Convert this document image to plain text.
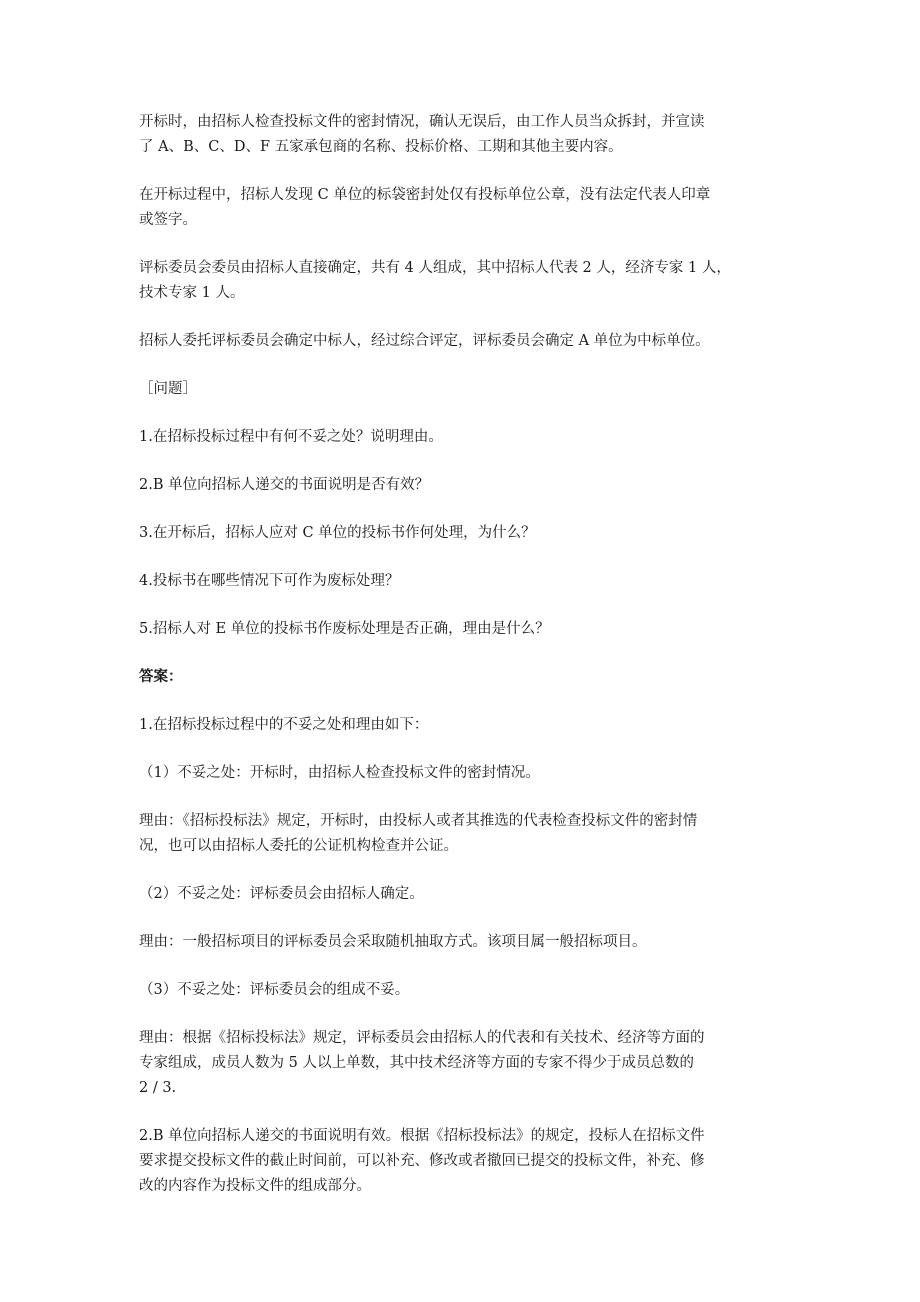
开标时，由招标人检查投标文件的密封情况，确认无误后，由工作人员当众拆封，并宣读
了 A、B、C、D、F 五家承包商的名称、投标价格、工期和其他主要内容。

在开标过程中，招标人发现 C 单位的标袋密封处仅有投标单位公章，没有法定代表人印章
或签字。

评标委员会委员由招标人直接确定，共有 4 人组成，其中招标人代表 2 人，经济专家 1 人，
技术专家 1 人。

招标人委托评标委员会确定中标人，经过综合评定，评标委员会确定 A 单位为中标单位。

［问题］

1.在招标投标过程中有何不妥之处？说明理由。

2.B 单位向招标人递交的书面说明是否有效？

3.在开标后，招标人应对 C 单位的投标书作何处理，为什么？

4.投标书在哪些情况下可作为废标处理？

5.招标人对 E 单位的投标书作废标处理是否正确，理由是什么？

答案：

1.在招标投标过程中的不妥之处和理由如下：

（1）不妥之处：开标时，由招标人检查投标文件的密封情况。

理由：《招标投标法》规定，开标时，由投标人或者其推选的代表检查投标文件的密封情
况，也可以由招标人委托的公证机构检查并公证。

（2）不妥之处：评标委员会由招标人确定。

理由：一般招标项目的评标委员会采取随机抽取方式。该项目属一般招标项目。

（3）不妥之处：评标委员会的组成不妥。

理由：根据《招标投标法》规定，评标委员会由招标人的代表和有关技术、经济等方面的
专家组成，成员人数为 5 人以上单数，其中技术经济等方面的专家不得少于成员总数的
2 / 3.

2.B 单位向招标人递交的书面说明有效。根据《招标投标法》的规定，投标人在招标文件
要求提交投标文件的截止时间前，可以补充、修改或者撤回已提交的投标文件，补充、修
改的内容作为投标文件的组成部分。
